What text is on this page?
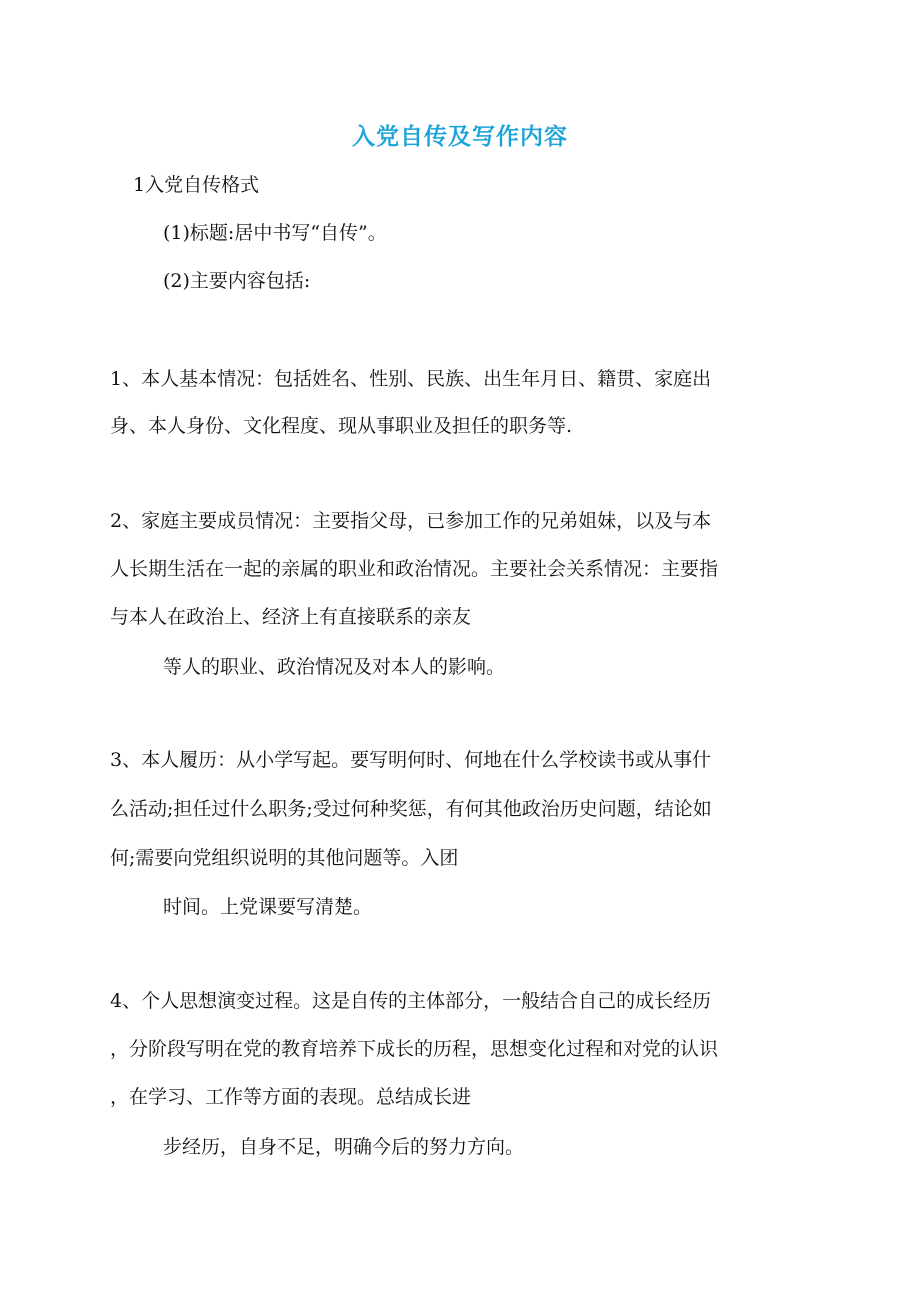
入党自传及写作内容
1入党自传格式
(1)标题:居中书写“自传”。
(2)主要内容包括:
1、本人基本情况：包括姓名、性别、民族、出生年月日、籍贯、家庭出
身、本人身份、文化程度、现从事职业及担任的职务等.
2、家庭主要成员情况：主要指父母，已参加工作的兄弟姐妹，以及与本
人长期生活在一起的亲属的职业和政治情况。主要社会关系情况：主要指
与本人在政治上、经济上有直接联系的亲友
等人的职业、政治情况及对本人的影响。
3、本人履历：从小学写起。要写明何时、何地在什么学校读书或从事什
么活动;担任过什么职务;受过何种奖惩，有何其他政治历史问题，结论如
何;需要向党组织说明的其他问题等。入团
时间。上党课要写清楚。
4、个人思想演变过程。这是自传的主体部分，一般结合自己的成长经历
，分阶段写明在党的教育培养下成长的历程，思想变化过程和对党的认识
，在学习、工作等方面的表现。总结成长进
步经历，自身不足，明确今后的努力方向。
